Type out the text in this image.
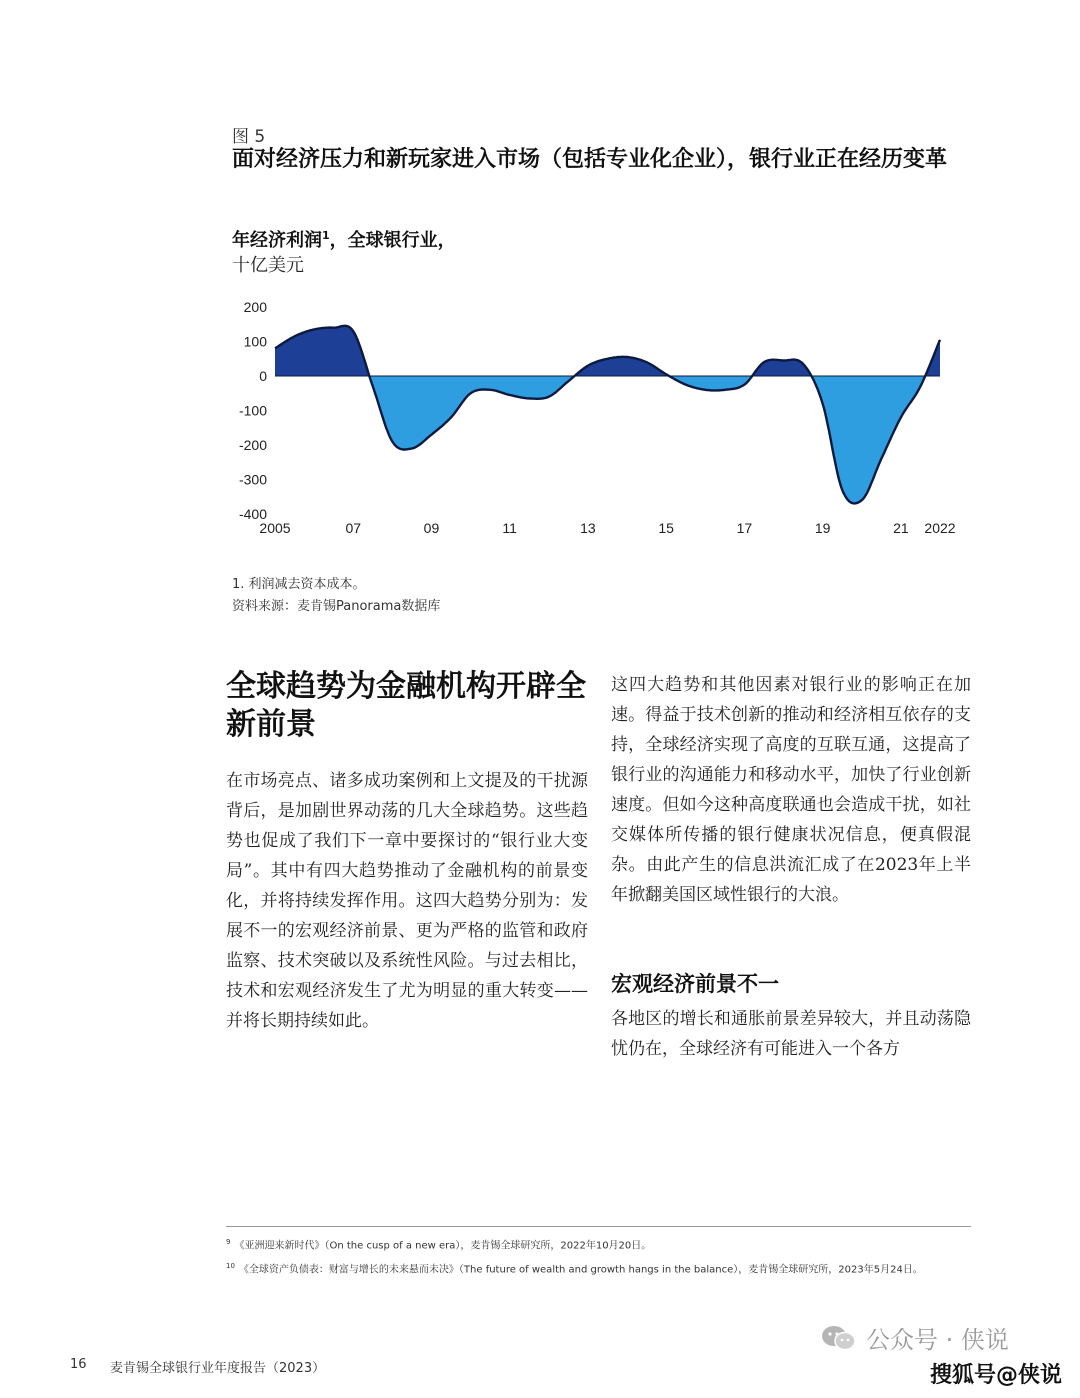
图 5
面对经济压力和新玩家进入市场（包括专业化企业），银行业正在经历变革
年经济利润$^1$，全球银行业，
十亿美元
200
100
0
-100
-200
-300
-400
2005	07	09	11	13	15	17	19	21 2022
1. 利润减去资本成本。
资料来源：麦肯锡Panorama数据库
全球趋势为金融机构开辟全新前景
在市场亮点、诸多成功案例和上文提及的干扰源背后，是加剧世界动荡的几大全球趋势。这些趋势也促成了我们下一章中要探讨的“银行业大变局”。其中有四大趋势推动了金融机构的前景变化，并将持续发挥作用。这四大趋势分别为：发展不一的宏观经济前景、更为严格的监管和政府监察、技术突破以及系统性风险。与过去相比，技术和宏观经济发生了尤为明显的重大转变——并将长期持续如此。
这四大趋势和其他因素对银行业的影响正在加速。得益于技术创新的推动和经济相互依存的支持，全球经济实现了高度的互联互通，这提高了银行业的沟通能力和移动水平，加快了行业创新速度。但如今这种高度联通也会造成干扰，如社交媒体所传播的银行健康状况信息，便真假混杂。由此产生的信息洪流汇成了在2023年上半年掀翻美国区域性银行的大浪。
宏观经济前景不一
各地区的增长和通胀前景差异较大，并且动荡隐忧仍在，全球经济有可能进入一个各方
$^9$ 《亚洲迎来新时代》（On the cusp of a new era），麦肯锡全球研究所，2022年10月20日。
$^{10}$ 《全球资产负债表：财富与增长的未来悬而未决》（The future of wealth and growth hangs in the balance），麦肯锡全球研究所，2023年5月24日。
16 麦肯锡全球银行业年度报告（2023）
公众号 · 侠说
搜狐号@侠说
